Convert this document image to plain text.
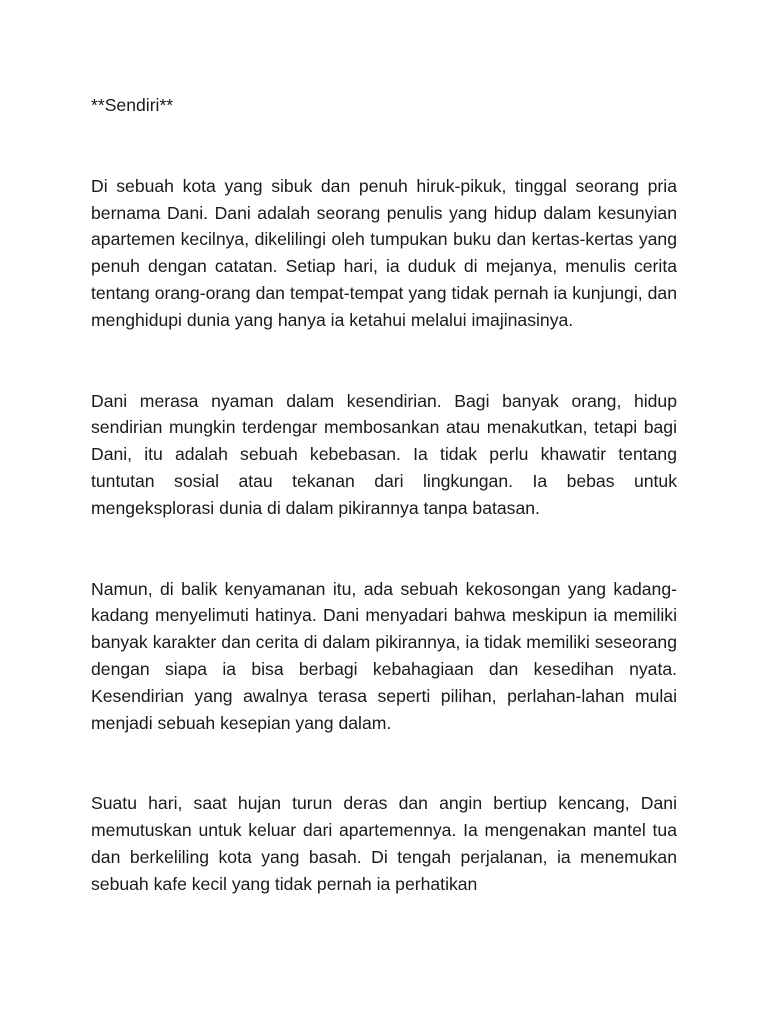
**Sendiri**

Di sebuah kota yang sibuk dan penuh hiruk-pikuk, tinggal seorang pria bernama Dani. Dani adalah seorang penulis yang hidup dalam kesunyian apartemen kecilnya, dikelilingi oleh tumpukan buku dan kertas-kertas yang penuh dengan catatan. Setiap hari, ia duduk di mejanya, menulis cerita tentang orang-orang dan tempat-tempat yang tidak pernah ia kunjungi, dan menghidupi dunia yang hanya ia ketahui melalui imajinasinya.

Dani merasa nyaman dalam kesendirian. Bagi banyak orang, hidup sendirian mungkin terdengar membosankan atau menakutkan, tetapi bagi Dani, itu adalah sebuah kebebasan. Ia tidak perlu khawatir tentang tuntutan sosial atau tekanan dari lingkungan. Ia bebas untuk mengeksplorasi dunia di dalam pikirannya tanpa batasan.

Namun, di balik kenyamanan itu, ada sebuah kekosongan yang kadang-kadang menyelimuti hatinya. Dani menyadari bahwa meskipun ia memiliki banyak karakter dan cerita di dalam pikirannya, ia tidak memiliki seseorang dengan siapa ia bisa berbagi kebahagiaan dan kesedihan nyata. Kesendirian yang awalnya terasa seperti pilihan, perlahan-lahan mulai menjadi sebuah kesepian yang dalam.

Suatu hari, saat hujan turun deras dan angin bertiup kencang, Dani memutuskan untuk keluar dari apartemennya. Ia mengenakan mantel tua dan berkeliling kota yang basah. Di tengah perjalanan, ia menemukan sebuah kafe kecil yang tidak pernah ia perhatikan
